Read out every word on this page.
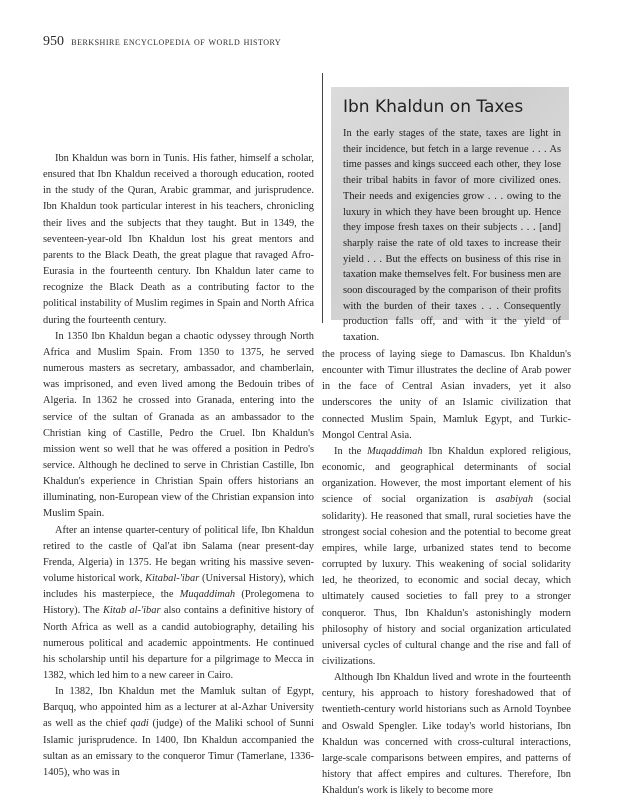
950 berkshire encyclopedia of world history
Ibn Khaldun on Taxes

In the early stages of the state, taxes are light in their incidence, but fetch in a large revenue . . . As time passes and kings succeed each other, they lose their tribal habits in favor of more civilized ones. Their needs and exigencies grow . . . owing to the luxury in which they have been brought up. Hence they impose fresh taxes on their subjects . . . [and] sharply raise the rate of old taxes to increase their yield . . . But the effects on business of this rise in taxation make themselves felt. For business men are soon discouraged by the comparison of their profits with the burden of their taxes . . . Consequently production falls off, and with it the yield of taxation.

Ibn Khaldun was born in Tunis. His father, himself a scholar, ensured that Ibn Khaldun received a thorough education, rooted in the study of the Quran, Arabic grammar, and jurisprudence. Ibn Khaldun took particular interest in his teachers, chronicling their lives and the subjects that they taught. But in 1349, the seventeen-year-old Ibn Khaldun lost his great mentors and parents to the Black Death, the great plague that ravaged Afro-Eurasia in the fourteenth century. Ibn Khaldun later came to recognize the Black Death as a contributing factor to the political instability of Muslim regimes in Spain and North Africa during the fourteenth century.

In 1350 Ibn Khaldun began a chaotic odyssey through North Africa and Muslim Spain. From 1350 to 1375, he served numerous masters as secretary, ambassador, and chamberlain, was imprisoned, and even lived among the Bedouin tribes of Algeria. In 1362 he crossed into Granada, entering into the service of the sultan of Granada as an ambassador to the Christian king of Castille, Pedro the Cruel. Ibn Khaldun's mission went so well that he was offered a position in Pedro's service. Although he declined to serve in Christian Castille, Ibn Khaldun's experience in Christian Spain offers historians an illuminating, non-European view of the Christian expansion into Muslim Spain.

After an intense quarter-century of political life, Ibn Khaldun retired to the castle of Qal'at ibn Salama (near present-day Frenda, Algeria) in 1375. He began writing his massive seven-volume historical work, Kitabal-'ibar (Universal History), which includes his masterpiece, the Muqaddimah (Prolegomena to History). The Kitab al-'ibar also contains a definitive history of North Africa as well as a candid autobiography, detailing his numerous political and academic appointments. He continued his scholarship until his departure for a pilgrimage to Mecca in 1382, which led him to a new career in Cairo.

In 1382, Ibn Khaldun met the Mamluk sultan of Egypt, Barquq, who appointed him as a lecturer at al-Azhar University as well as the chief qadi (judge) of the Maliki school of Sunni Islamic jurisprudence. In 1400, Ibn Khaldun accompanied the sultan as an emissary to the conqueror Timur (Tamerlane, 1336-1405), who was in

the process of laying siege to Damascus. Ibn Khaldun's encounter with Timur illustrates the decline of Arab power in the face of Central Asian invaders, yet it also underscores the unity of an Islamic civilization that connected Muslim Spain, Mamluk Egypt, and Turkic-Mongol Central Asia.

In the Muqaddimah Ibn Khaldun explored religious, economic, and geographical determinants of social organization. However, the most important element of his science of social organization is asabiyah (social solidarity). He reasoned that small, rural societies have the strongest social cohesion and the potential to become great empires, while large, urbanized states tend to become corrupted by luxury. This weakening of social solidarity led, he theorized, to economic and social decay, which ultimately caused societies to fall prey to a stronger conqueror. Thus, Ibn Khaldun's astonishingly modern philosophy of history and social organization articulated universal cycles of cultural change and the rise and fall of civilizations.

Although Ibn Khaldun lived and wrote in the fourteenth century, his approach to history foreshadowed that of twentieth-century world historians such as Arnold Toynbee and Oswald Spengler. Like today's world historians, Ibn Khaldun was concerned with cross-cultural interactions, large-scale comparisons between empires, and patterns of history that affect empires and cultures. Therefore, Ibn Khaldun's work is likely to become more
